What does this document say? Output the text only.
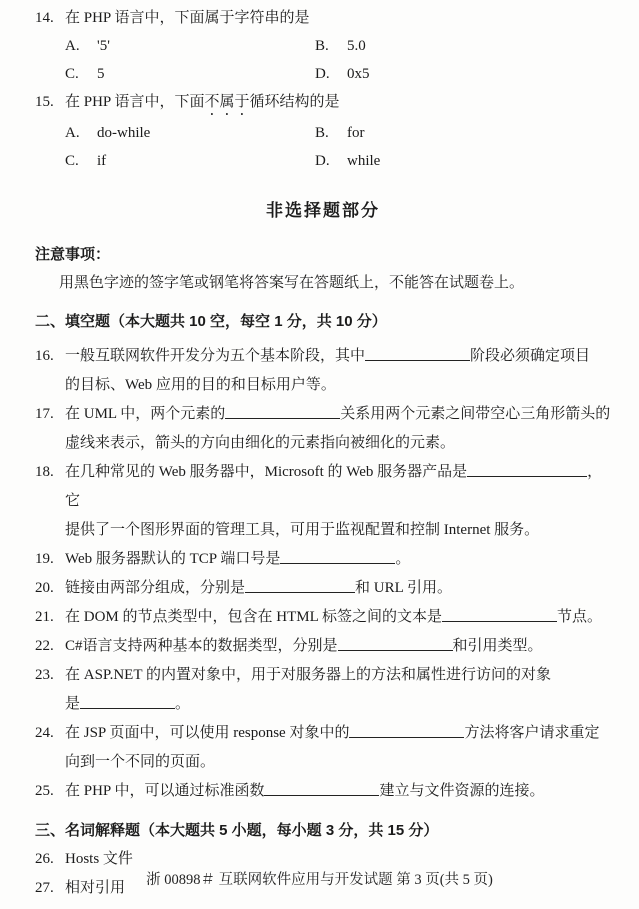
14. 在 PHP 语言中，下面属于字符串的是
A.	'5'	B.	5.0
C.	5	D.	0x5
15. 在 PHP 语言中，下面不属于循环结构的是
A.	do-while	B.	for
C.	if	D.	while
非选择题部分
注意事项：
用黑色字迹的签字笔或钢笔将答案写在答题纸上，不能答在试题卷上。
二、填空题（本大题共 10 空，每空 1 分，共 10 分）
16. 一般互联网软件开发分为五个基本阶段，其中	阶段必须确定项目
的目标、Web 应用的目的和目标用户等。
17. 在 UML 中，两个元素的	关系用两个元素之间带空心三角形箭头的
虚线来表示，箭头的方向由细化的元素指向被细化的元素。
18. 在几种常见的 Web 服务器中，Microsoft 的 Web 服务器产品是	，它
提供了一个图形界面的管理工具，可用于监视配置和控制 Internet 服务。
19. Web 服务器默认的 TCP 端口号是	。
20. 链接由两部分组成，分别是	和 URL 引用。
21. 在 DOM 的节点类型中，包含在 HTML 标签之间的文本是	节点。
22. C#语言支持两种基本的数据类型，分别是	和引用类型。
23. 在 ASP.NET 的内置对象中，用于对服务器上的方法和属性进行访问的对象
是	。
24. 在 JSP 页面中，可以使用 response 对象中的	方法将客户请求重定
向到一个不同的页面。
25. 在 PHP 中，可以通过标准函数	建立与文件资源的连接。
三、名词解释题（本大题共 5 小题，每小题 3 分，共 15 分）
26. Hosts 文件
27. 相对引用	浙 00898＃ 互联网软件应用与开发试题 第 3 页(共 5 页)
